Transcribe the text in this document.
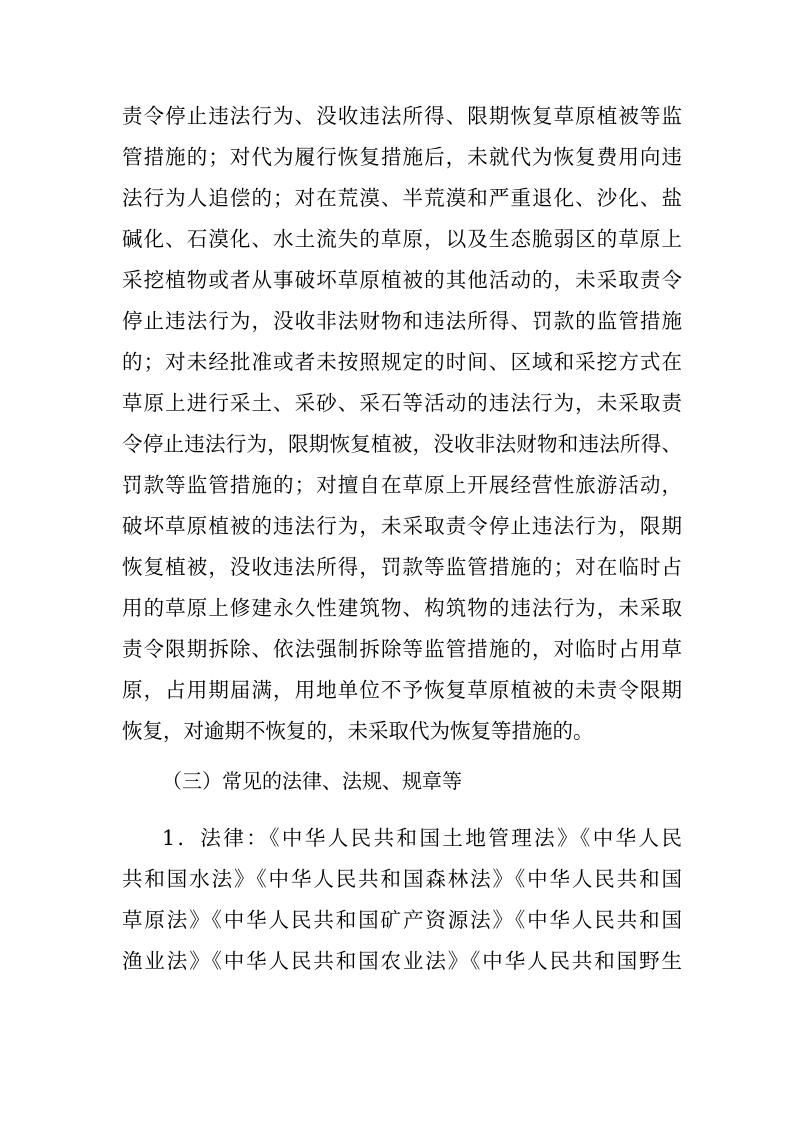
责令停止违法行为、没收违法所得、限期恢复草原植被等监
管措施的；对代为履行恢复措施后，未就代为恢复费用向违
法行为人追偿的；对在荒漠、半荒漠和严重退化、沙化、盐
碱化、石漠化、水土流失的草原，以及生态脆弱区的草原上
采挖植物或者从事破坏草原植被的其他活动的，未采取责令
停止违法行为，没收非法财物和违法所得、罚款的监管措施
的；对未经批准或者未按照规定的时间、区域和采挖方式在
草原上进行采土、采砂、采石等活动的违法行为，未采取责
令停止违法行为，限期恢复植被，没收非法财物和违法所得、
罚款等监管措施的；对擅自在草原上开展经营性旅游活动，
破坏草原植被的违法行为，未采取责令停止违法行为，限期
恢复植被，没收违法所得，罚款等监管措施的；对在临时占
用的草原上修建永久性建筑物、构筑物的违法行为，未采取
责令限期拆除、依法强制拆除等监管措施的，对临时占用草
原，占用期届满，用地单位不予恢复草原植被的未责令限期
恢复，对逾期不恢复的，未采取代为恢复等措施的。
（三）常见的法律、法规、规章等
1．法律：《中华人民共和国土地管理法》《中华人民
共和国水法》《中华人民共和国森林法》《中华人民共和国
草原法》《中华人民共和国矿产资源法》《中华人民共和国
渔业法》《中华人民共和国农业法》《中华人民共和国野生
